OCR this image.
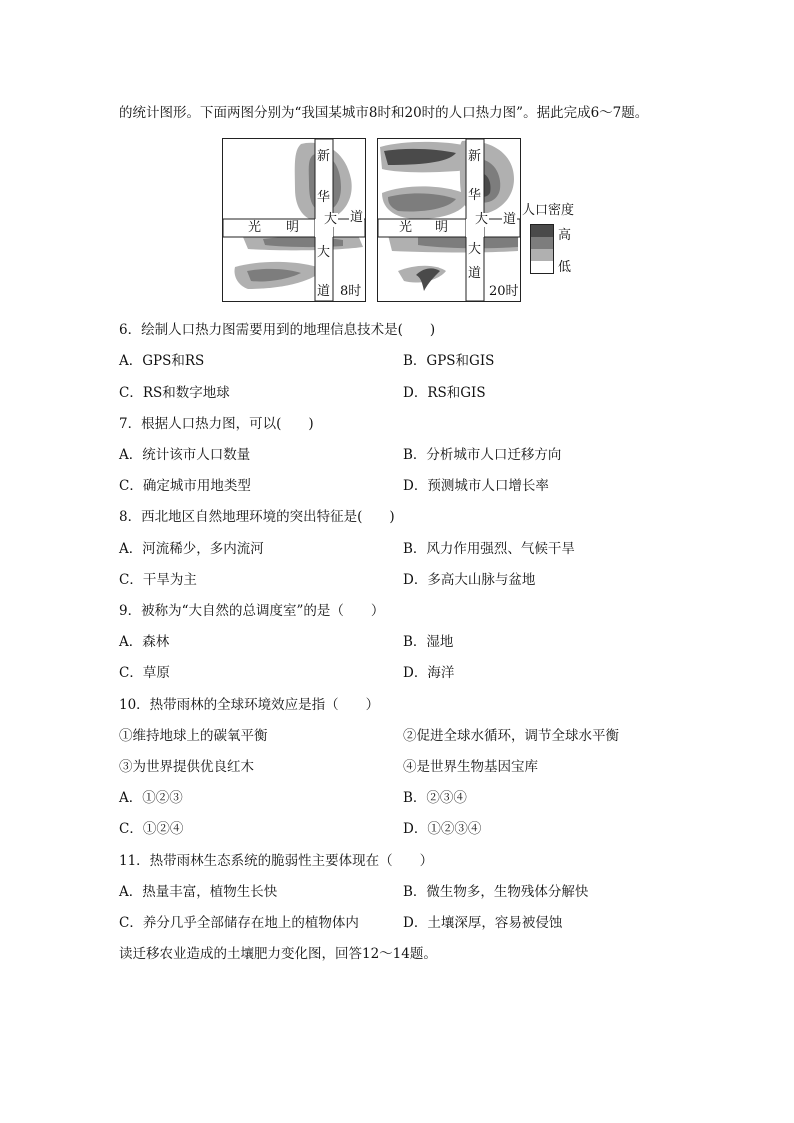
的统计图形。下面两图分别为“我国某城市8时和20时的人口热力图”。据此完成6～7题。
新
华
大
道
光 明
大 道
8时
新
华
大
道
光 明
大 道
20时
人口密度
高
低
6．绘制人口热力图需要用到的地理信息技术是(　　)
A．GPS和RS	B．GPS和GIS
C．RS和数字地球	D．RS和GIS
7．根据人口热力图，可以(　　)
A．统计该市人口数量	B．分析城市人口迁移方向
C．确定城市用地类型	D．预测城市人口增长率
8．西北地区自然地理环境的突出特征是(　　)
A．河流稀少，多内流河	B．风力作用强烈、气候干旱
C．干旱为主	D．多高大山脉与盆地
9．被称为“大自然的总调度室”的是（　　）
A．森林	B．湿地
C．草原	D．海洋
10．热带雨林的全球环境效应是指（　　）
①维持地球上的碳氧平衡	②促进全球水循环，调节全球水平衡
③为世界提供优良红木	④是世界生物基因宝库
A．①②③	B．②③④
C．①②④	D．①②③④
11．热带雨林生态系统的脆弱性主要体现在（　　）
A．热量丰富，植物生长快	B．微生物多，生物残体分解快
C．养分几乎全部储存在地上的植物体内	D．土壤深厚，容易被侵蚀
读迁移农业造成的土壤肥力变化图，回答12～14题。
